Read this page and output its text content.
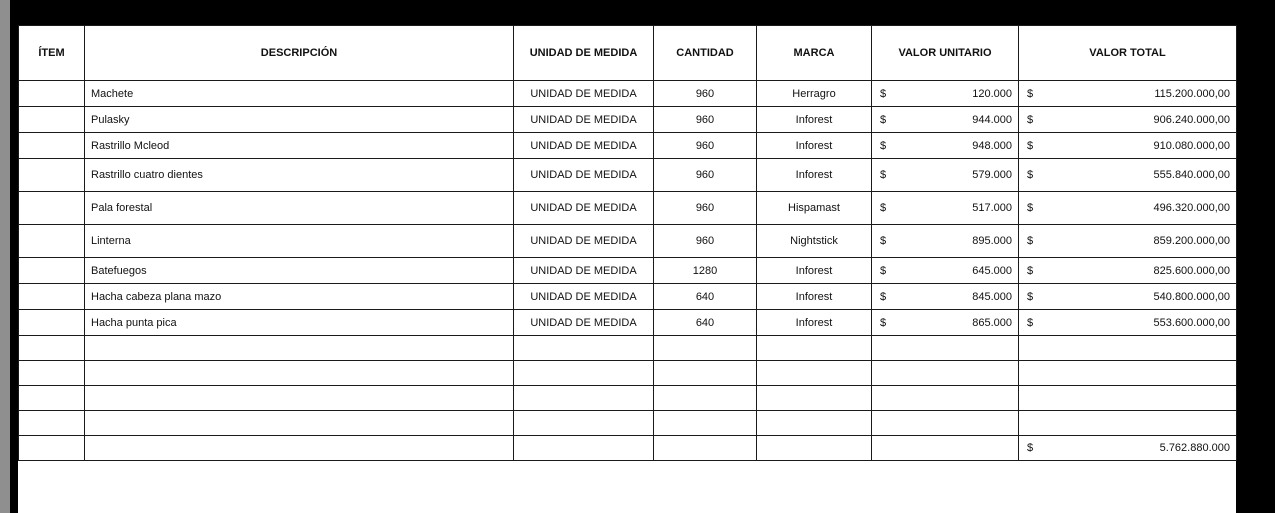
ÍTEM	DESCRIPCIÓN	UNIDAD DE MEDIDA	CANTIDAD	MARCA	VALOR UNITARIO	VALOR TOTAL
	Machete	UNIDAD DE MEDIDA	960	Herragro	$ 120.000	$ 115.200.000,00

	Pulasky	UNIDAD DE MEDIDA	960	Inforest	$ 944.000	$ 906.240.000,00

	Rastrillo Mcleod	UNIDAD DE MEDIDA	960	Inforest	$ 948.000	$ 910.080.000,00

	Rastrillo cuatro dientes	UNIDAD DE MEDIDA	960	Inforest	$ 579.000	$ 555.840.000,00

	Pala forestal	UNIDAD DE MEDIDA	960	Hispamast	$ 517.000	$ 496.320.000,00

	Linterna	UNIDAD DE MEDIDA	960	Nightstick	$ 895.000	$ 859.200.000,00

	Batefuegos	UNIDAD DE MEDIDA	1280	Inforest	$ 645.000	$ 825.600.000,00

	Hacha cabeza plana mazo	UNIDAD DE MEDIDA	640	Inforest	$ 845.000	$ 540.800.000,00

	Hacha punta pica	UNIDAD DE MEDIDA	640	Inforest	$ 865.000	$ 553.600.000,00

						$ 5.762.880.000
